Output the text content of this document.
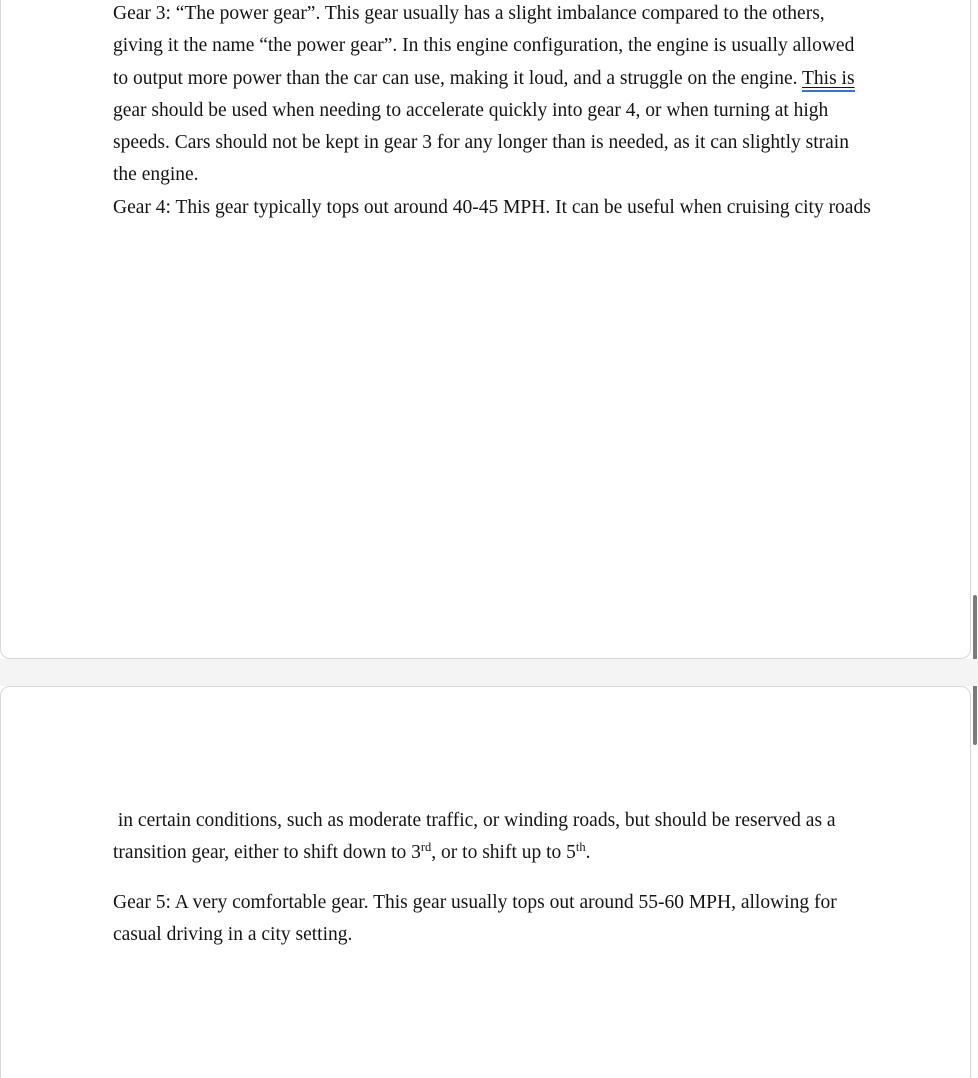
Gear 3: “The power gear”. This gear usually has a slight imbalance compared to the others,
giving it the name “the power gear”. In this engine configuration, the engine is usually allowed
to output more power than the car can use, making it loud, and a struggle on the engine. This is
gear should be used when needing to accelerate quickly into gear 4, or when turning at high
speeds. Cars should not be kept in gear 3 for any longer than is needed, as it can slightly strain
the engine.
Gear 4: This gear typically tops out around 40-45 MPH. It can be useful when cruising city roads
in certain conditions, such as moderate traffic, or winding roads, but should be reserved as a
transition gear, either to shift down to 3rd, or to shift up to 5th.
Gear 5: A very comfortable gear. This gear usually tops out around 55-60 MPH, allowing for
casual driving in a city setting.
